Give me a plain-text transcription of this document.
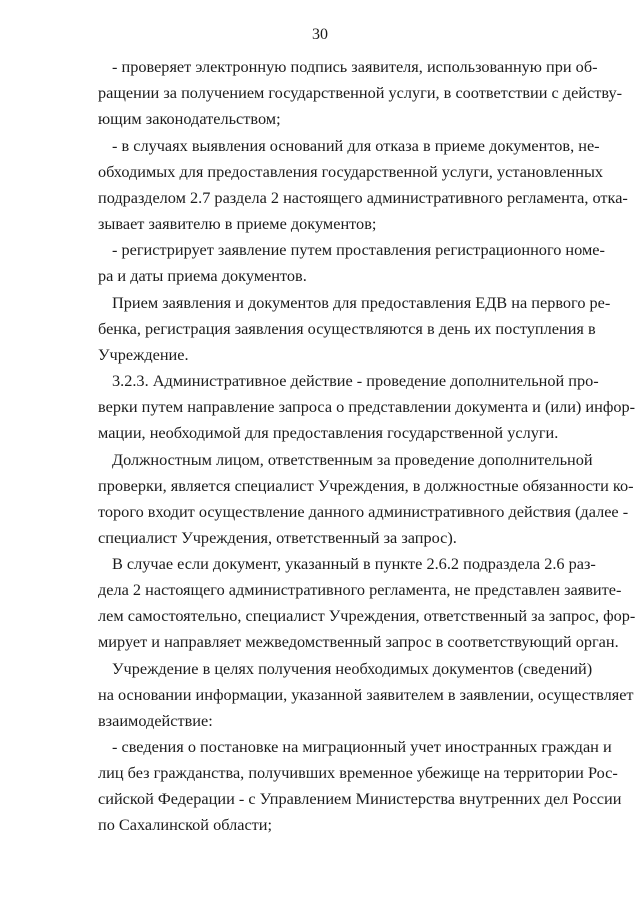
30
- проверяет электронную подпись заявителя, использованную при об-
ращении за получением государственной услуги, в соответствии с действу-
ющим законодательством;
- в случаях выявления оснований для отказа в приеме документов, не-
обходимых для предоставления государственной услуги, установленных
подразделом 2.7 раздела 2 настоящего административного регламента, отка-
зывает заявителю в приеме документов;
- регистрирует заявление путем проставления регистрационного номе-
ра и даты приема документов.
Прием заявления и документов для предоставления ЕДВ на первого ре-
бенка, регистрация заявления осуществляются в день их поступления в
Учреждение.
3.2.3. Административное действие - проведение дополнительной про-
верки путем направление запроса о представлении документа и (или) инфор-
мации, необходимой для предоставления государственной услуги.
Должностным лицом, ответственным за проведение дополнительной
проверки, является специалист Учреждения, в должностные обязанности ко-
торого входит осуществление данного административного действия (далее -
специалист Учреждения, ответственный за запрос).
В случае если документ, указанный в пункте 2.6.2 подраздела 2.6 раз-
дела 2 настоящего административного регламента, не представлен заявите-
лем самостоятельно, специалист Учреждения, ответственный за запрос, фор-
мирует и направляет межведомственный запрос в соответствующий орган.
Учреждение в целях получения необходимых документов (сведений)
на основании информации, указанной заявителем в заявлении, осуществляет
взаимодействие:
- сведения о постановке на миграционный учет иностранных граждан и
лиц без гражданства, получивших временное убежище на территории Рос-
сийской Федерации - с Управлением Министерства внутренних дел России
по Сахалинской области;
